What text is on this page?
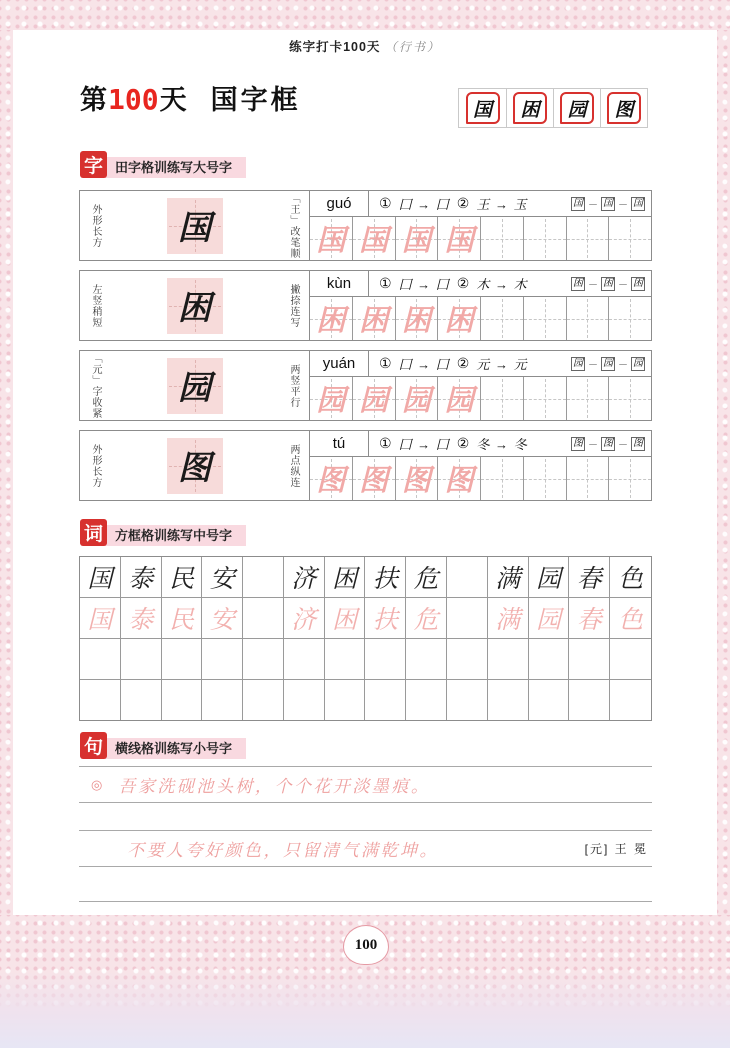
练字打卡100天 （行书）
第 100 天 国字框	国	困	园	图
字 田字格训练写大号字
外形长方 国	「王」改笔顺	guó	① 囗 → 囗 ② 王 → 玉	国 － 国 － 国
国 国 国 国
左竖稍短 困	撇捺连写	kùn	① 囗 → 囗 ② 木 → 木	困 － 困 － 困
困 困 困 困
「元」字收紧 园	两竖平行	yuán	① 囗 → 囗 ② 元 → 元	园 － 园 － 园
园 园 园 园
外形长方 图	两点纵连	tú	① 囗 → 囗 ② 冬 → 冬	图 － 图 － 图
图 图 图 图
词 方框格训练写中号字
国 泰 民 安	济 困 扶 危	满 园 春 色
国 泰 民 安	济 困 扶 危	满 园 春 色
句 横线格训练写小号字
◎ 吾家洗砚池头树，个个花开淡墨痕。
不要人夸好颜色，只留清气满乾坤。	[元] 王 冕
100
